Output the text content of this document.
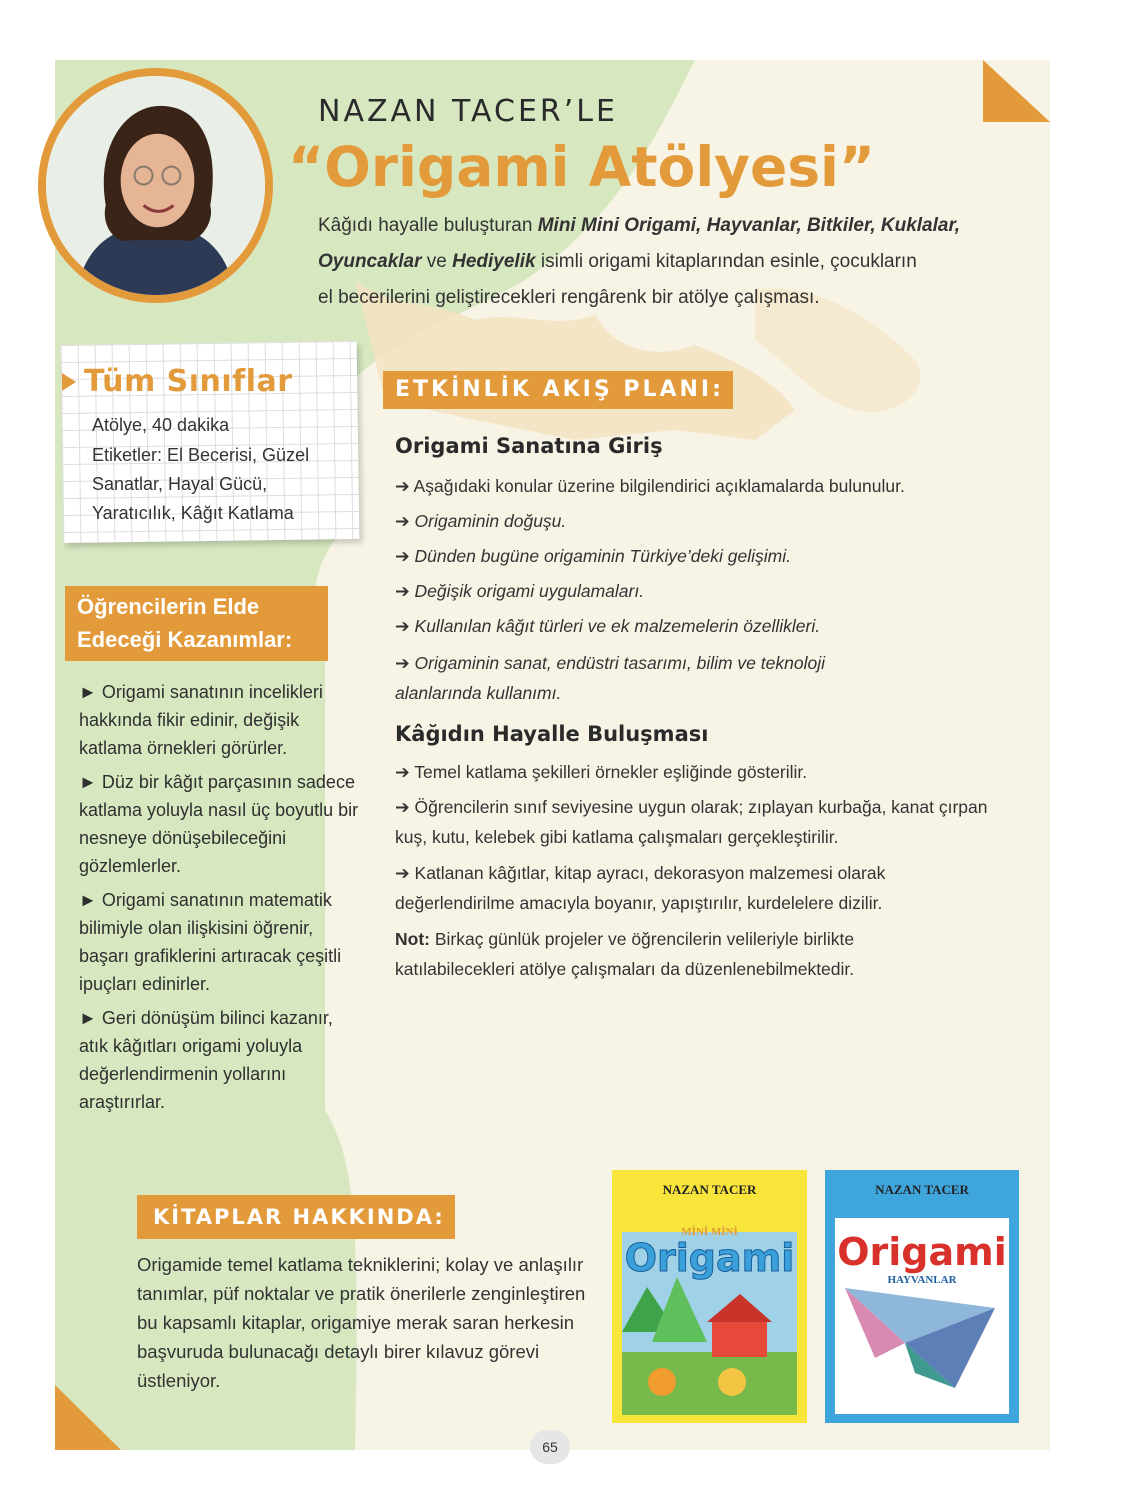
NAZAN TACER’LE
“Origami Atölyesi”
Kâğıdı hayalle buluşturan Mini Mini Origami, Hayvanlar, Bitkiler, Kuklalar,
Oyuncaklar ve Hediyelik isimli origami kitaplarından esinle, çocukların
el becerilerini geliştirecekleri rengârenk bir atölye çalışması.
Tüm Sınıflar
Atölye, 40 dakika
Etiketler: El Becerisi, Güzel Sanatlar, Hayal Gücü, Yaratıcılık, Kâğıt Katlama
Öğrencilerin Elde
Edeceği Kazanımlar:
► Origami sanatının incelikleri hakkında fikir edinir, değişik katlama örnekleri görürler.
► Düz bir kâğıt parçasının sadece katlama yoluyla nasıl üç boyutlu bir nesneye dönüşebileceğini gözlemlerler.
► Origami sanatının matematik bilimiyle olan ilişkisini öğrenir, başarı grafiklerini artıracak çeşitli ipuçları edinirler.
► Geri dönüşüm bilinci kazanır, atık kâğıtları origami yoluyla değerlendirmenin yollarını araştırırlar.
ETKİNLİK AKIŞ PLANI:
Origami Sanatına Giriş
➔ Aşağıdaki konular üzerine bilgilendirici açıklamalarda bulunulur.
➔ Origaminin doğuşu.
➔ Dünden bugüne origaminin Türkiye’deki gelişimi.
➔ Değişik origami uygulamaları.
➔ Kullanılan kâğıt türleri ve ek malzemelerin özellikleri.
➔ Origaminin sanat, endüstri tasarımı, bilim ve teknoloji alanlarında kullanımı.
Kâğıdın Hayalle Buluşması
➔ Temel katlama şekilleri örnekler eşliğinde gösterilir.
➔ Öğrencilerin sınıf seviyesine uygun olarak; zıplayan kurbağa, kanat çırpan kuş, kutu, kelebek gibi katlama çalışmaları gerçekleştirilir.
➔ Katlanan kâğıtlar, kitap ayracı, dekorasyon malzemesi olarak değerlendirilme amacıyla boyanır, yapıştırılır, kurdelelere dizilir.
Not: Birkaç günlük projeler ve öğrencilerin velileriyle birlikte katılabilecekleri atölye çalışmaları da düzenlenebilmektedir.
KİTAPLAR HAKKINDA:
Origamide temel katlama tekniklerini; kolay ve anlaşılır tanımlar, püf noktalar ve pratik önerilerle zenginleştiren bu kapsamlı kitaplar, origamiye merak saran herkesin başvuruda bulunacağı detaylı birer kılavuz görevi üstleniyor.
NAZAN TACER
MİNİ MİNİ
Origami
NAZAN TACER
Origami
HAYVANLAR
65
